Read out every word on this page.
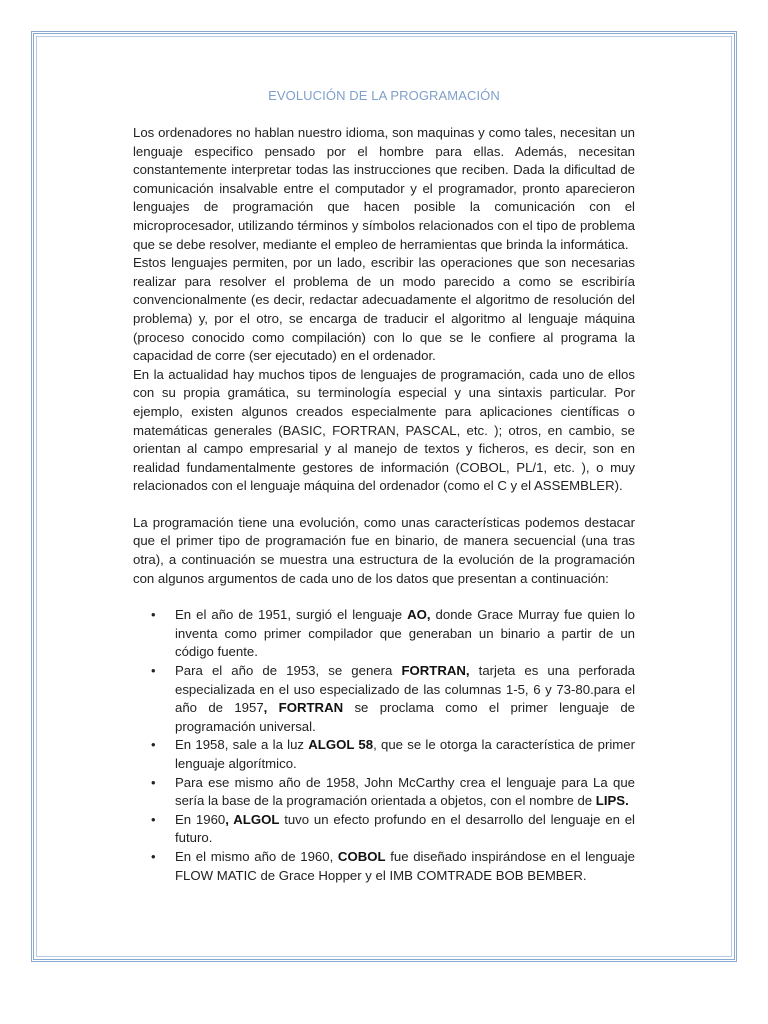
EVOLUCIÓN DE LA PROGRAMACIÓN

Los ordenadores no hablan nuestro idioma, son maquinas y como tales, necesitan un lenguaje especifico pensado por el hombre para ellas. Además, necesitan constantemente interpretar todas las instrucciones que reciben. Dada la dificultad de comunicación insalvable entre el computador y el programador, pronto aparecieron lenguajes de programación que hacen posible la comunicación con el microprocesador, utilizando términos y símbolos relacionados con el tipo de problema que se debe resolver, mediante el empleo de herramientas que brinda la informática.

Estos lenguajes permiten, por un lado, escribir las operaciones que son necesarias realizar para resolver el problema de un modo parecido a como se escribiría convencionalmente (es decir, redactar adecuadamente el algoritmo de resolución del problema) y, por el otro, se encarga de traducir el algoritmo al lenguaje máquina (proceso conocido como compilación) con lo que se le confiere al programa la capacidad de corre (ser ejecutado) en el ordenador.

En la actualidad hay muchos tipos de lenguajes de programación, cada uno de ellos con su propia gramática, su terminología especial y una sintaxis particular. Por ejemplo, existen algunos creados especialmente para aplicaciones científicas o matemáticas generales (BASIC, FORTRAN, PASCAL, etc. ); otros, en cambio, se orientan al campo empresarial y al manejo de textos y ficheros, es decir, son en realidad fundamentalmente gestores de información (COBOL, PL/1, etc. ), o muy relacionados con el lenguaje máquina del ordenador (como el C y el ASSEMBLER).

La programación tiene una evolución, como unas características podemos destacar que el primer tipo de programación fue en binario, de manera secuencial (una tras otra), a continuación se muestra una estructura de la evolución de la programación con algunos argumentos de cada uno de los datos que presentan a continuación:

• En el año de 1951, surgió el lenguaje AO, donde Grace Murray fue quien lo inventa como primer compilador que generaban un binario a partir de un código fuente.
• Para el año de 1953, se genera FORTRAN, tarjeta es una perforada especializada en el uso especializado de las columnas 1-5, 6 y 73-80.para el año de 1957, FORTRAN se proclama como el primer lenguaje de programación universal.
• En 1958, sale a la luz ALGOL 58, que se le otorga la característica de primer lenguaje algorítmico.
• Para ese mismo año de 1958, John McCarthy crea el lenguaje para La que sería la base de la programación orientada a objetos, con el nombre de LIPS.
• En 1960, ALGOL tuvo un efecto profundo en el desarrollo del lenguaje en el futuro.
• En el mismo año de 1960, COBOL fue diseñado inspirándose en el lenguaje FLOW MATIC de Grace Hopper y el IMB COMTRADE BOB BEMBER.
